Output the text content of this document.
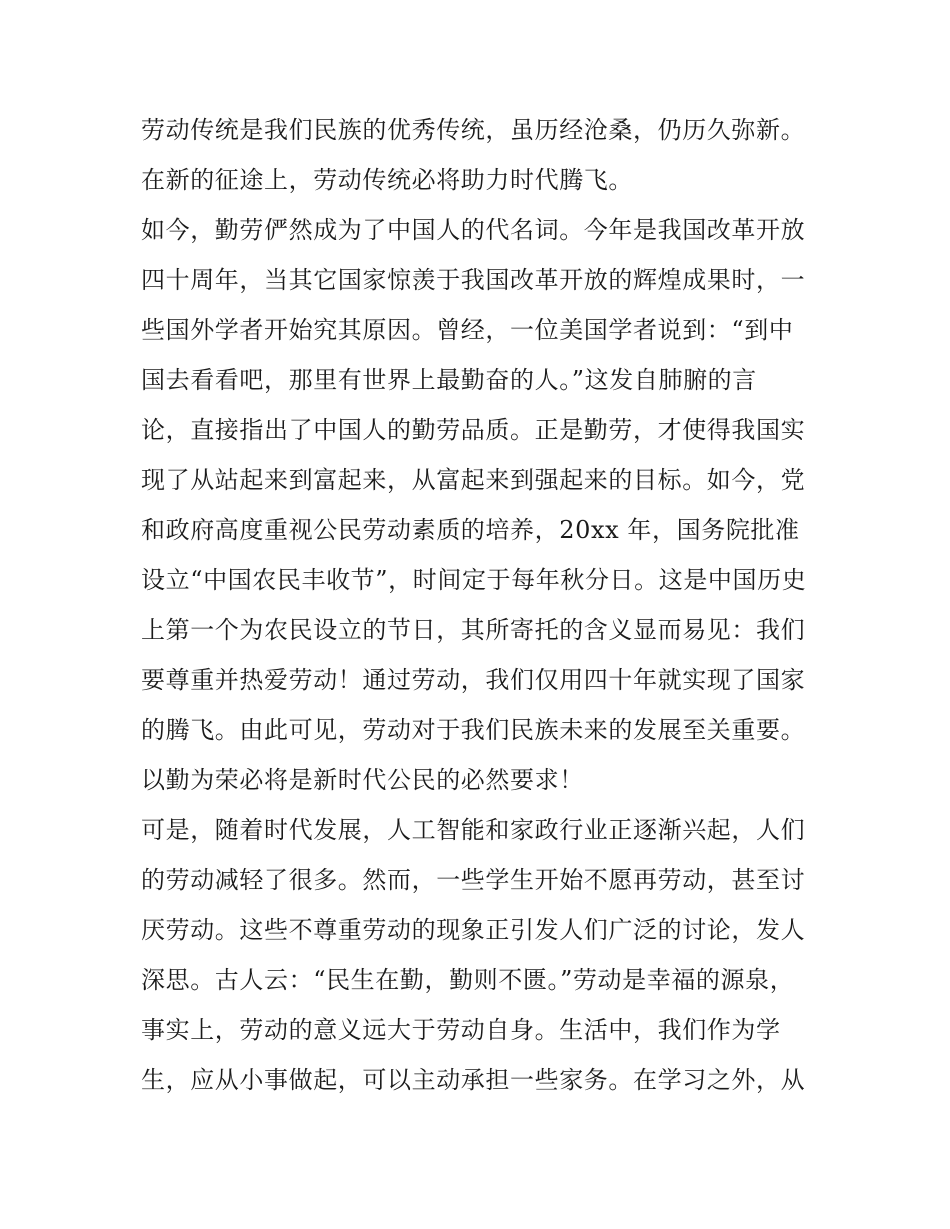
劳动传统是我们民族的优秀传统，虽历经沧桑，仍历久弥新。
在新的征途上，劳动传统必将助力时代腾飞。
如今，勤劳俨然成为了中国人的代名词。今年是我国改革开放
四十周年，当其它国家惊羡于我国改革开放的辉煌成果时，一
些国外学者开始究其原因。曾经，一位美国学者说到：“到中
国去看看吧，那里有世界上最勤奋的人。”这发自肺腑的言
论，直接指出了中国人的勤劳品质。正是勤劳，才使得我国实
现了从站起来到富起来，从富起来到强起来的目标。如今，党
和政府高度重视公民劳动素质的培养，20xx 年，国务院批准
设立“中国农民丰收节”，时间定于每年秋分日。这是中国历史
上第一个为农民设立的节日，其所寄托的含义显而易见：我们
要尊重并热爱劳动！通过劳动，我们仅用四十年就实现了国家
的腾飞。由此可见，劳动对于我们民族未来的发展至关重要。
以勤为荣必将是新时代公民的必然要求！
可是，随着时代发展，人工智能和家政行业正逐渐兴起，人们
的劳动减轻了很多。然而，一些学生开始不愿再劳动，甚至讨
厌劳动。这些不尊重劳动的现象正引发人们广泛的讨论，发人
深思。古人云：“民生在勤，勤则不匮。”劳动是幸福的源泉，
事实上，劳动的意义远大于劳动自身。生活中，我们作为学
生，应从小事做起，可以主动承担一些家务。在学习之外，从
